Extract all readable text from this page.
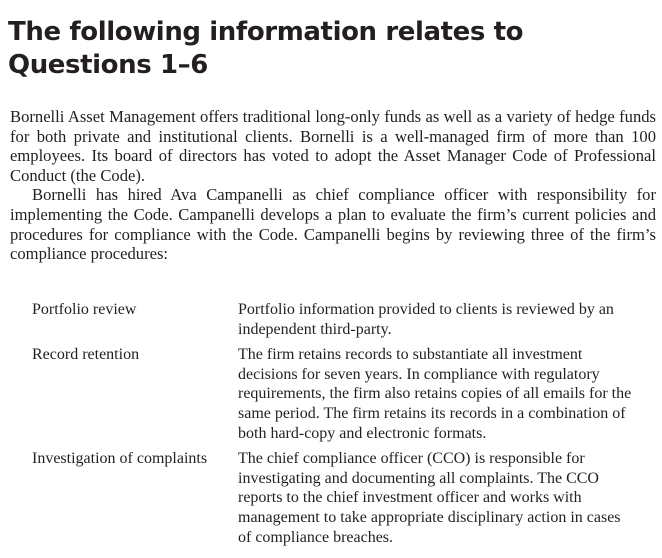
The following information relates to Questions 1–6

Bornelli Asset Management offers traditional long-only funds as well as a variety of hedge funds for both private and institutional clients. Bornelli is a well-managed firm of more than 100 employees. Its board of directors has voted to adopt the Asset Manager Code of Professional Conduct (the Code).

Bornelli has hired Ava Campanelli as chief compliance officer with responsibility for implementing the Code. Campanelli develops a plan to evaluate the firm’s current policies and procedures for compliance with the Code. Campanelli begins by reviewing three of the firm’s compliance procedures:

Portfolio review	Portfolio information provided to clients is reviewed by an independent third-party.
Record retention	The firm retains records to substantiate all investment decisions for seven years. In compliance with regulatory requirements, the firm also retains copies of all emails for the same period. The firm retains its records in a combination of both hard-copy and electronic formats.
Investigation of complaints	The chief compliance officer (CCO) is responsible for investigating and documenting all complaints. The CCO reports to the chief investment officer and works with management to take appropriate disciplinary action in cases of compliance breaches.
